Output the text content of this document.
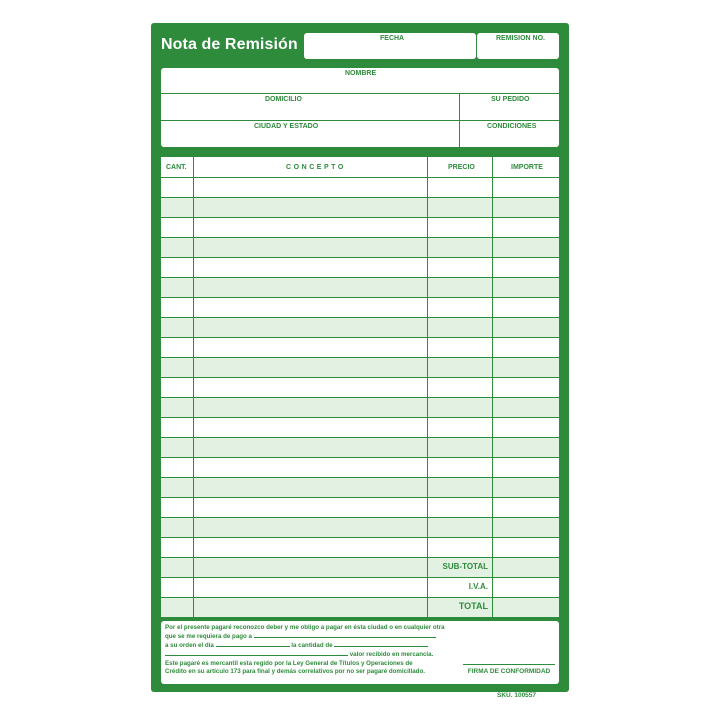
Nota de Remisión	FECHA	REMISION NO.
NOMBRE
DOMICILIO	SU PEDIDO
CIUDAD Y ESTADO	CONDICIONES
CANT.	C O N C E P T O	PRECIO	IMPORTE
SUB-TOTAL
I.V.A.
TOTAL

Por el presente pagaré reconozco deber y me obligo a pagar en ésta ciudad o en cualquier otra

que se me requiera de pago a

a su orden el día	la cantidad de

valor recibido en mercancía.

Este pagaré es mercantil esta regido por la Ley General de Títulos y Operaciones de

Crédito en su artículo 173 para final y demás correlativos por no ser pagaré domicillado.	FIRMA DE CONFORMIDAD
SKU. 100557
